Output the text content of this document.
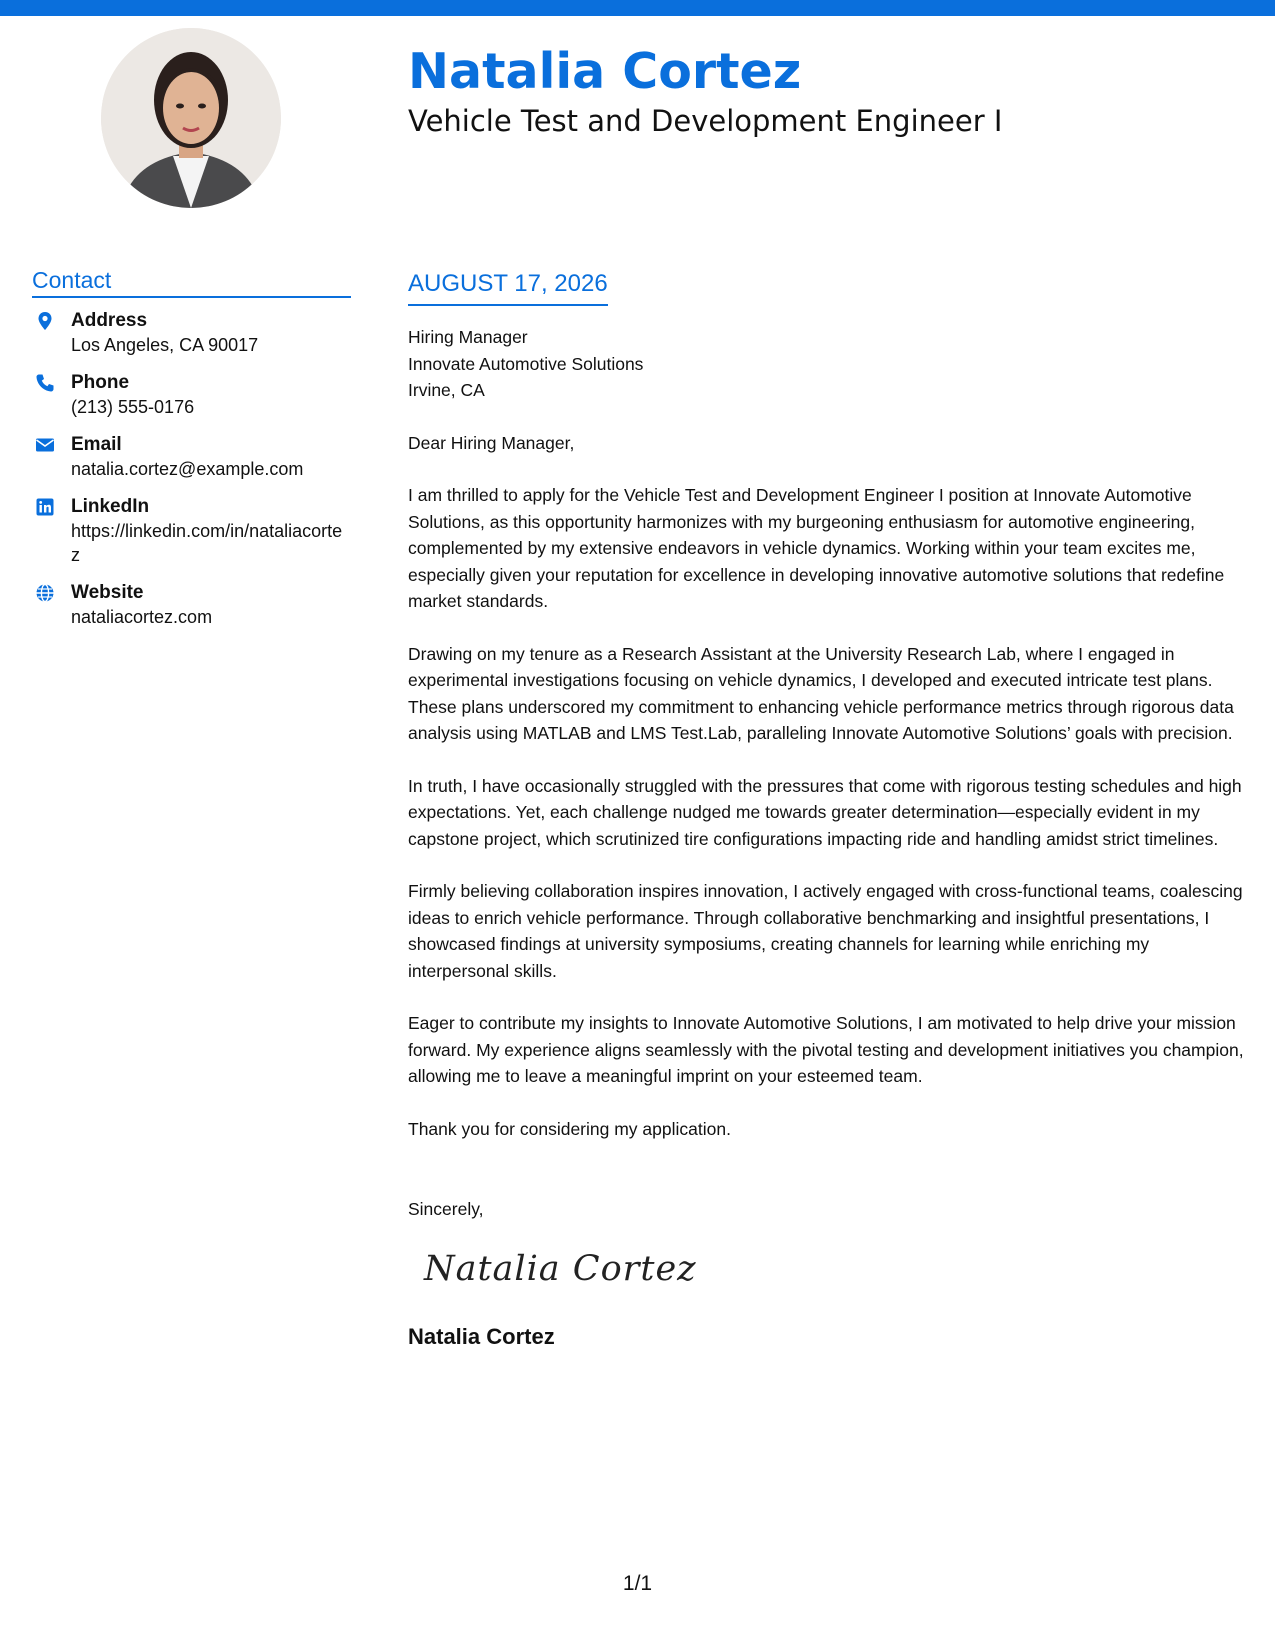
Natalia Cortez
Vehicle Test and Development Engineer I
Contact
Address
Los Angeles, CA 90017
Phone
(213) 555-0176
Email
natalia.cortez@example.com
LinkedIn
https://linkedin.com/in/nataliacortez
Website
nataliacortez.com
AUGUST 17, 2026
Hiring Manager
Innovate Automotive Solutions
Irvine, CA

Dear Hiring Manager,

I am thrilled to apply for the Vehicle Test and Development Engineer I position at Innovate Automotive Solutions, as this opportunity harmonizes with my burgeoning enthusiasm for automotive engineering, complemented by my extensive endeavors in vehicle dynamics. Working within your team excites me, especially given your reputation for excellence in developing innovative automotive solutions that redefine market standards.

Drawing on my tenure as a Research Assistant at the University Research Lab, where I engaged in experimental investigations focusing on vehicle dynamics, I developed and executed intricate test plans. These plans underscored my commitment to enhancing vehicle performance metrics through rigorous data analysis using MATLAB and LMS Test.Lab, paralleling Innovate Automotive Solutions’ goals with precision.

In truth, I have occasionally struggled with the pressures that come with rigorous testing schedules and high expectations. Yet, each challenge nudged me towards greater determination—especially evident in my capstone project, which scrutinized tire configurations impacting ride and handling amidst strict timelines.

Firmly believing collaboration inspires innovation, I actively engaged with cross-functional teams, coalescing ideas to enrich vehicle performance. Through collaborative benchmarking and insightful presentations, I showcased findings at university symposiums, creating channels for learning while enriching my interpersonal skills.

Eager to contribute my insights to Innovate Automotive Solutions, I am motivated to help drive your mission forward. My experience aligns seamlessly with the pivotal testing and development initiatives you champion, allowing me to leave a meaningful imprint on your esteemed team.

Thank you for considering my application.

Sincerely,
Natalia Cortez
Natalia Cortez
1/1
